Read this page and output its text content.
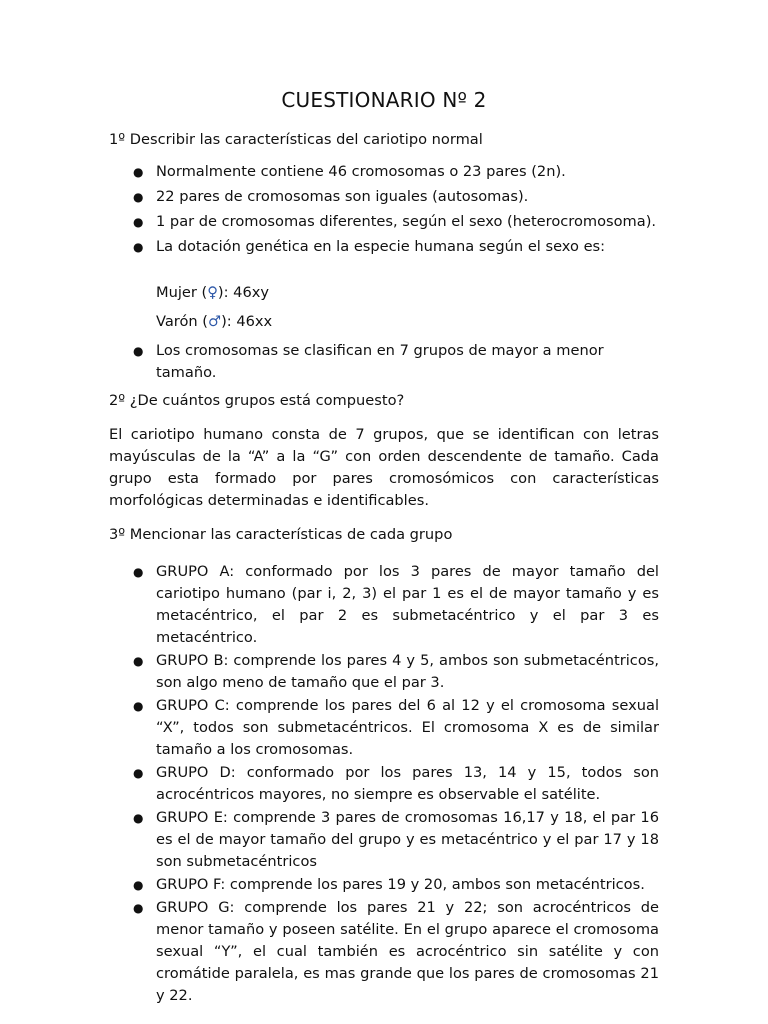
CUESTIONARIO Nº 2

1º Describir las características del cariotipo normal

● Normalmente contiene 46 cromosomas o 23 pares (2n).
● 22 pares de cromosomas son iguales (autosomas).
● 1 par de cromosomas diferentes, según el sexo (heterocromosoma).
● La dotación genética en la especie humana según el sexo es:
Mujer (♀): 46xy
Varón (♂): 46xx
● Los cromosomas se clasifican en 7 grupos de mayor a menor tamaño.

2º ¿De cuántos grupos está compuesto?

El cariotipo humano consta de 7 grupos, que se identifican con letras mayúsculas de la “A” a la “G” con orden descendente de tamaño. Cada grupo esta formado por pares cromosómicos con características morfológicas determinadas e identificables.

3º Mencionar las características de cada grupo

● GRUPO A: conformado por los 3 pares de mayor tamaño del cariotipo humano (par i, 2, 3) el par 1 es el de mayor tamaño y es metacéntrico, el par 2 es submetacéntrico y el par 3 es metacéntrico.
● GRUPO B: comprende los pares 4 y 5, ambos son submetacéntricos, son algo meno de tamaño que el par 3.
● GRUPO C: comprende los pares del 6 al 12 y el cromosoma sexual “X”, todos son submetacéntricos. El cromosoma X es de similar tamaño a los cromosomas.
● GRUPO D: conformado por los pares 13, 14 y 15, todos son acrocéntricos mayores, no siempre es observable el satélite.
● GRUPO E: comprende 3 pares de cromosomas 16,17 y 18, el par 16 es el de mayor tamaño del grupo y es metacéntrico y el par 17 y 18 son submetacéntricos
● GRUPO F: comprende los pares 19 y 20, ambos son metacéntricos.
● GRUPO G: comprende los pares 21 y 22; son acrocéntricos de menor tamaño y poseen satélite. En el grupo aparece el cromosoma sexual “Y”, el cual también es acrocéntrico sin satélite y con cromátide paralela, es mas grande que los pares de cromosomas 21 y 22.
